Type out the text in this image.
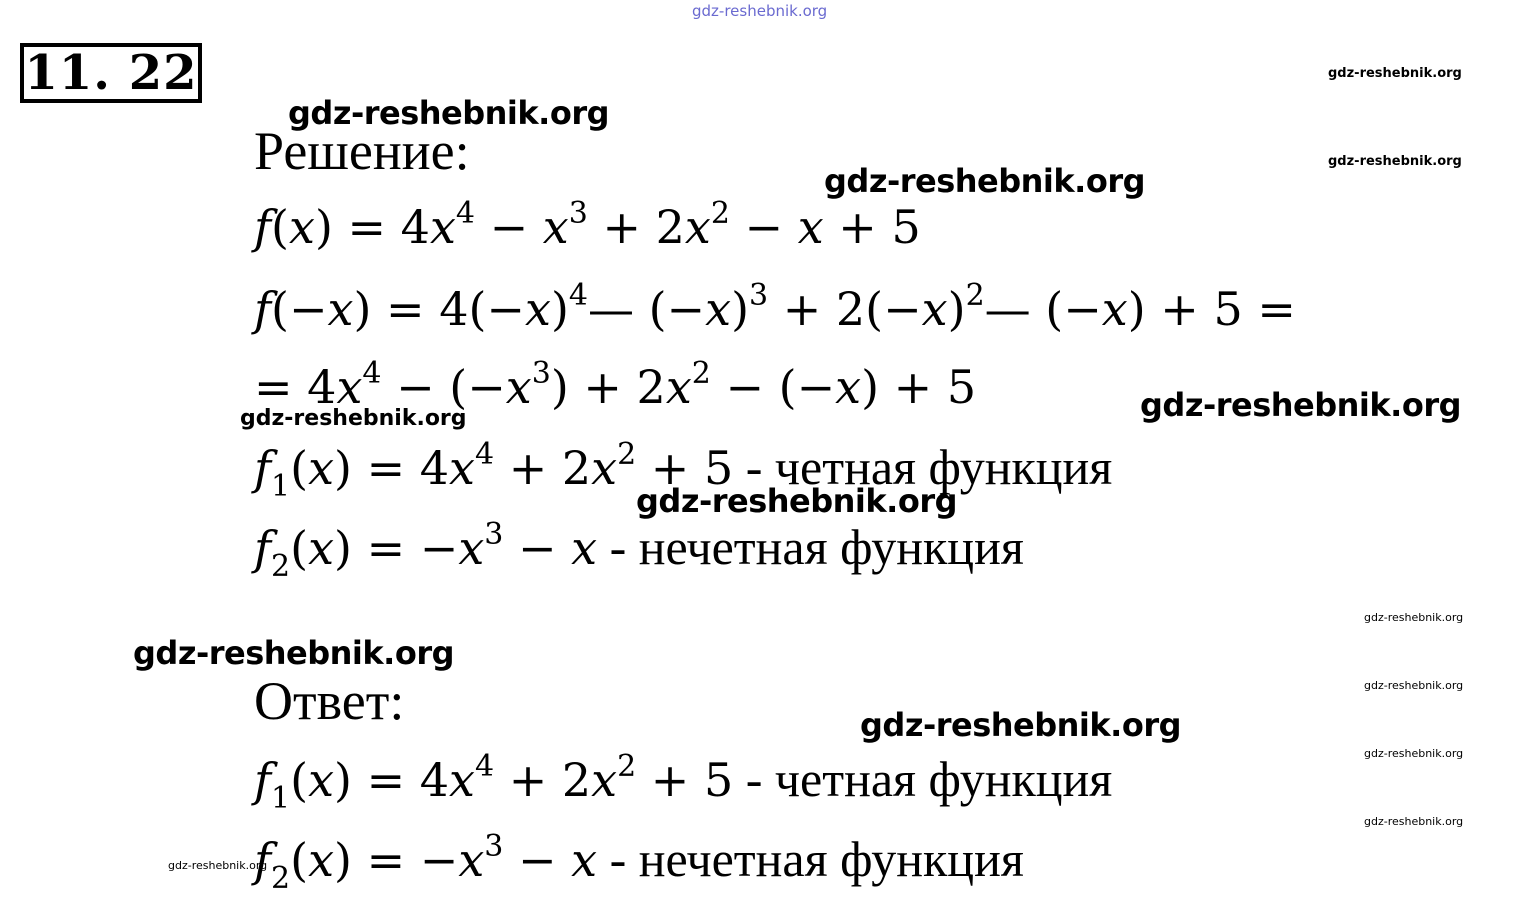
gdz-reshebnik.org
11. 22
gdz-reshebnik.org
gdz-reshebnik.org
gdz-reshebnik.org
gdz-reshebnik.org
gdz-reshebnik.org
gdz-reshebnik.org
gdz-reshebnik.org
gdz-reshebnik.org
gdz-reshebnik.org
gdz-reshebnik.org
gdz-reshebnik.org
gdz-reshebnik.org
gdz-reshebnik.org
gdz-reshebnik.org
Решение:
$f(x) = 4x^4 - x^3 + 2x^2 - x + 5$
$f(-x) = 4(-x)^4—$ $(-x)^3$ + $2(-x)^2—$ (−x) + 5 =
= $4x^4 - (-x^3) + 2x^2 - (-x) + 5$
$f_1(x) = 4x^4 + 2x^2 + 5$ - четная функция
$f_2(x) = -x^3 - x$ - нечетная функция
Ответ:
$f_1(x) = 4x^4 + 2x^2 + 5$ - четная функция
$f_2(x) = -x^3 - x$ - нечетная функция
